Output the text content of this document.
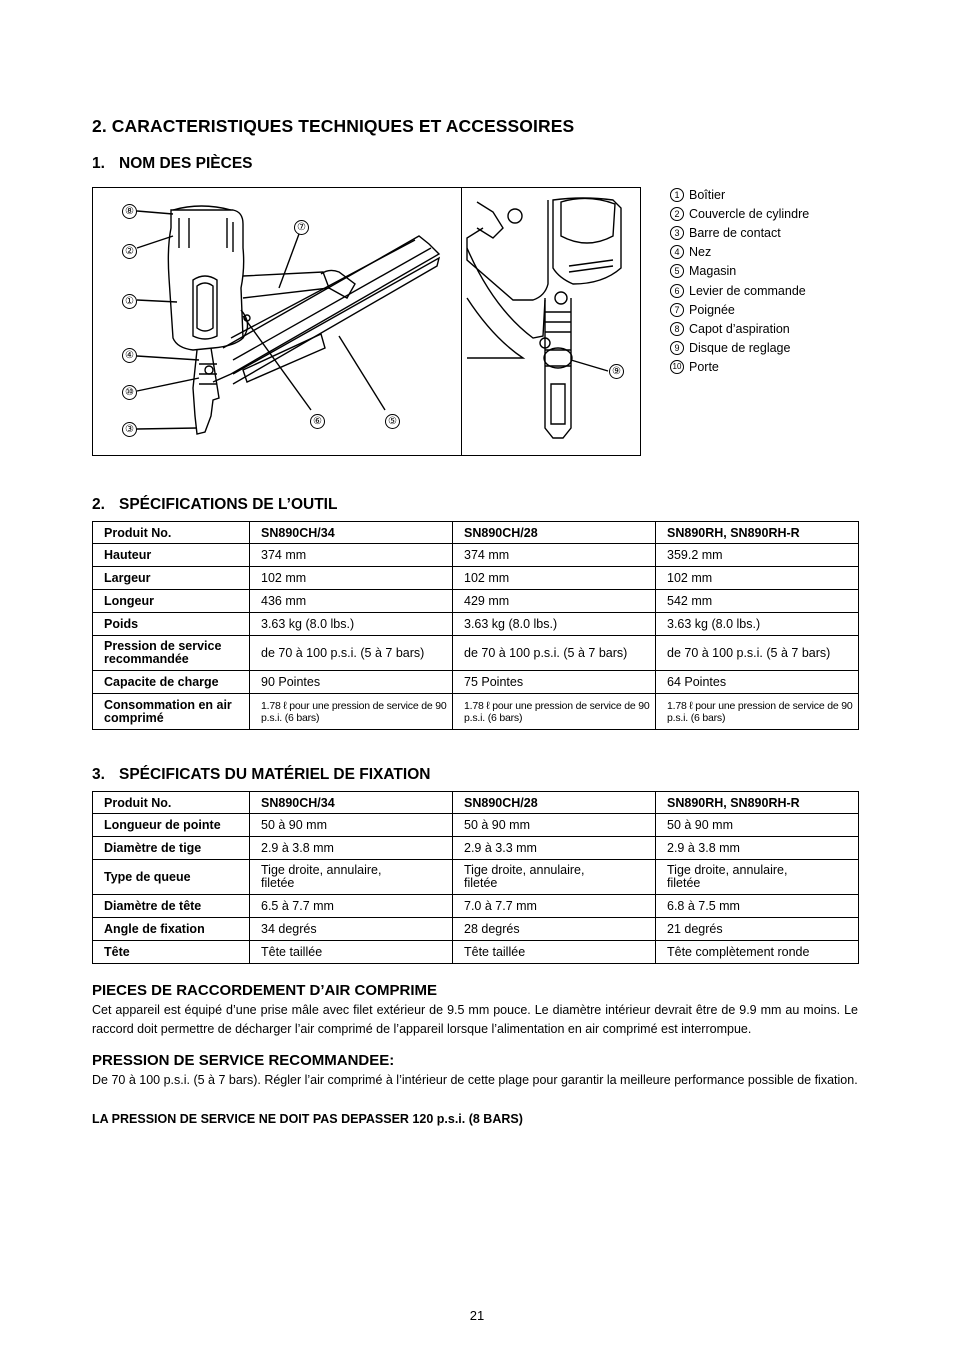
2. CARACTERISTIQUES TECHNIQUES ET ACCESSOIRES
1. NOM DES PIÈCES
⑧
②
①
④
⑩
③
⑦
⑥	⑤
⑨
1 Boîtier
2 Couvercle de cylindre
3 Barre de contact
4 Nez
5 Magasin
6 Levier de commande
7 Poignée
8 Capot d’aspiration
9 Disque de reglage
10 Porte
2. SPÉCIFICATIONS DE L’OUTIL
Produit No.	SN890CH/34	SN890CH/28	SN890RH, SN890RH-R
Hauteur	374 mm	374 mm	359.2 mm
Largeur	102 mm	102 mm	102 mm
Longeur	436 mm	429 mm	542 mm
Poids	3.63 kg (8.0 lbs.)	3.63 kg (8.0 lbs.)	3.63 kg (8.0 lbs.)
Pression de service recommandée	de 70 à 100 p.s.i. (5 à 7 bars)	de 70 à 100 p.s.i. (5 à 7 bars)	de 70 à 100 p.s.i. (5 à 7 bars)
Capacite de charge	90 Pointes	75 Pointes	64 Pointes
Consommation en air comprimé	1.78 ℓ pour une pression de service de 90 p.s.i. (6 bars)	1.78 ℓ pour une pression de service de 90 p.s.i. (6 bars)	1.78 ℓ pour une pression de service de 90 p.s.i. (6 bars)
3. SPÉCIFICATS DU MATÉRIEL DE FIXATION
Produit No.	SN890CH/34	SN890CH/28	SN890RH, SN890RH-R
Longueur de pointe	50 à 90 mm	50 à 90 mm	50 à 90 mm
Diamètre de tige	2.9 à 3.8 mm	2.9 à 3.3 mm	2.9 à 3.8 mm
Type de queue	Tige droite, annulaire, filetée	Tige droite, annulaire, filetée	Tige droite, annulaire, filetée
Diamètre de tête	6.5 à 7.7 mm	7.0 à 7.7 mm	6.8 à 7.5 mm
Angle de fixation	34 degrés	28 degrés	21 degrés
Tête	Tête taillée	Tête taillée	Tête complètement ronde
PIECES DE RACCORDEMENT D’AIR COMPRIME
Cet appareil est équipé d’une prise mâle avec filet extérieur de 9.5 mm pouce. Le diamètre intérieur devrait être de 9.9 mm au moins. Le raccord doit permettre de décharger l’air comprimé de l’appareil lorsque l’alimentation en air comprimé est interrompue.
PRESSION DE SERVICE RECOMMANDEE:
De 70 à 100 p.s.i. (5 à 7 bars). Régler l’air comprimé à l’intérieur de cette plage pour garantir la meilleure performance possible de fixation.
LA PRESSION DE SERVICE NE DOIT PAS DEPASSER 120 p.s.i. (8 BARS)
21
